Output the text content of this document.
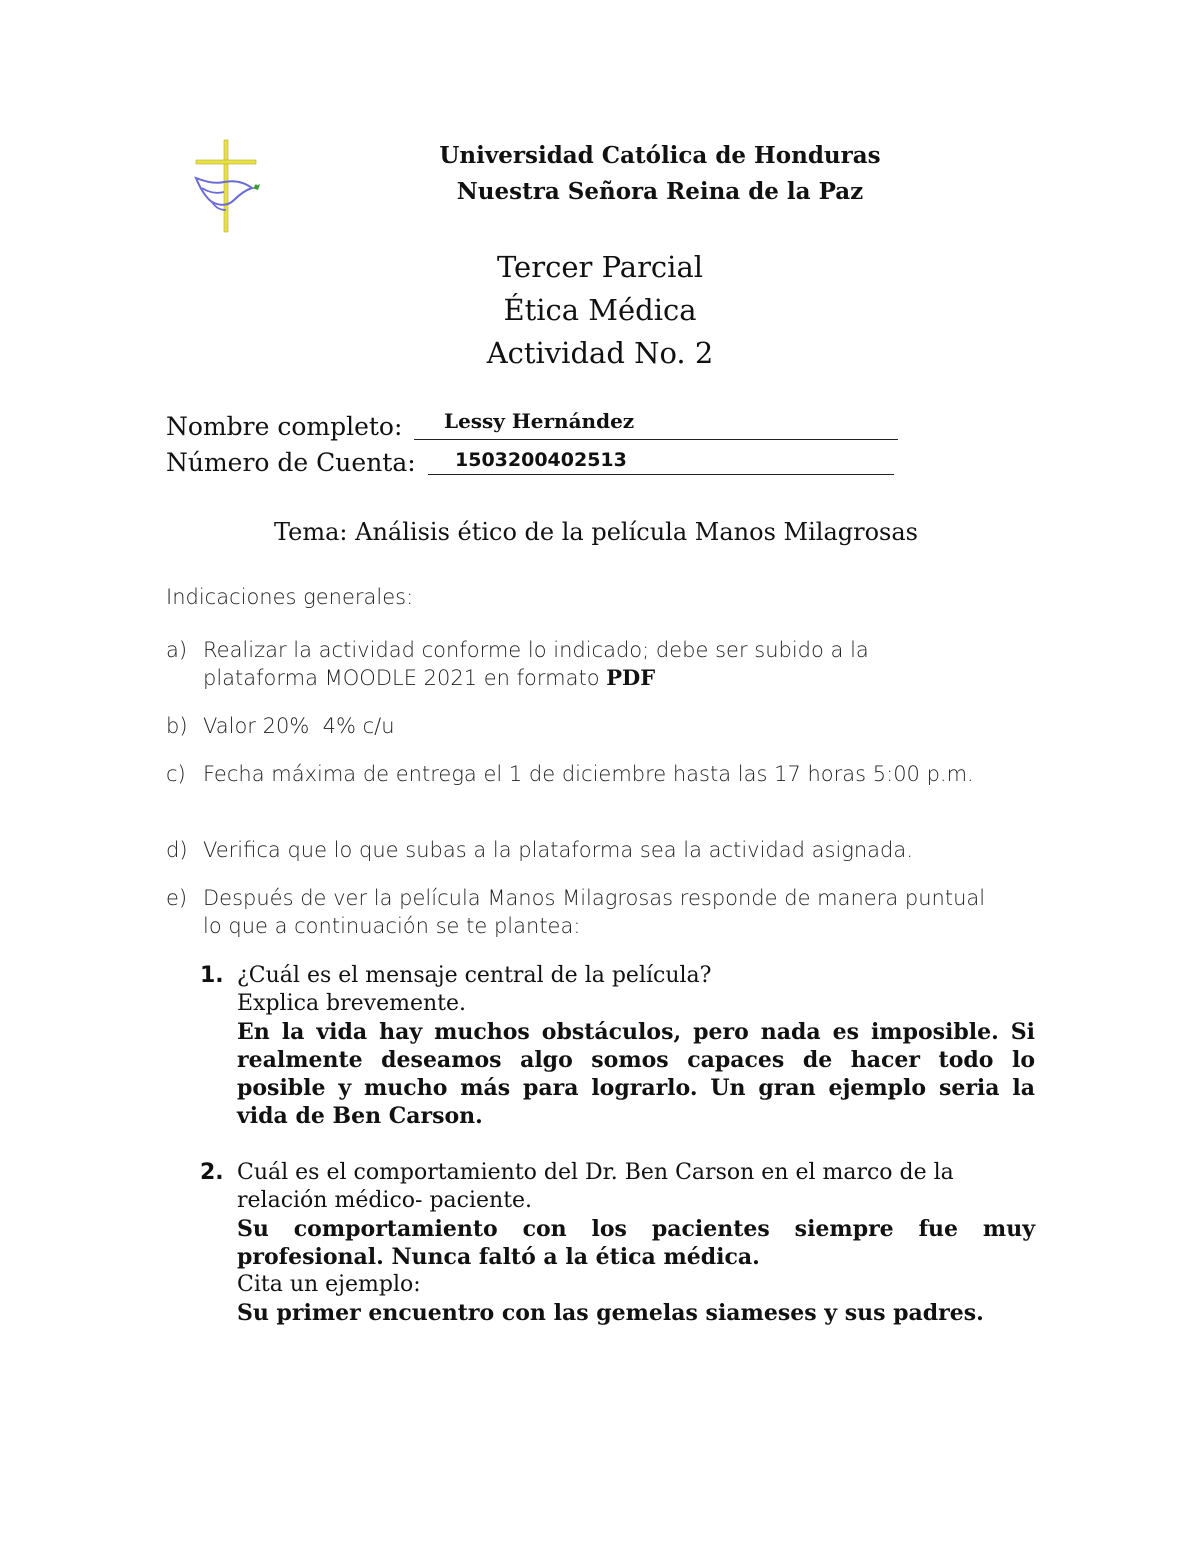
Universidad Católica de Honduras
Nuestra Señora Reina de la Paz
Tercer Parcial
Ética Médica
Actividad No. 2
Nombre completo: Lessy Hernández
Número de Cuenta: 1503200402513
Tema: Análisis ético de la película Manos Milagrosas
Indicaciones generales:
a) Realizar la actividad conforme lo indicado; debe ser subido a la plataforma MOODLE 2021 en formato PDF
b) Valor 20%  4% c/u
c) Fecha máxima de entrega el 1 de diciembre hasta las 17 horas 5:00 p.m.
d) Verifica que lo que subas a la plataforma sea la actividad asignada.
e) Después de ver la película Manos Milagrosas responde de manera puntual lo que a continuación se te plantea:
1. ¿Cuál es el mensaje central de la película?
Explica brevemente.
En la vida hay muchos obstáculos, pero nada es imposible. Si realmente deseamos algo somos capaces de hacer todo lo posible y mucho más para lograrlo. Un gran ejemplo seria la vida de Ben Carson.
2. Cuál es el comportamiento del Dr. Ben Carson en el marco de la relación médico- paciente.
Su comportamiento con los pacientes siempre fue muy profesional. Nunca faltó a la ética médica.
Cita un ejemplo:
Su primer encuentro con las gemelas siameses y sus padres.
